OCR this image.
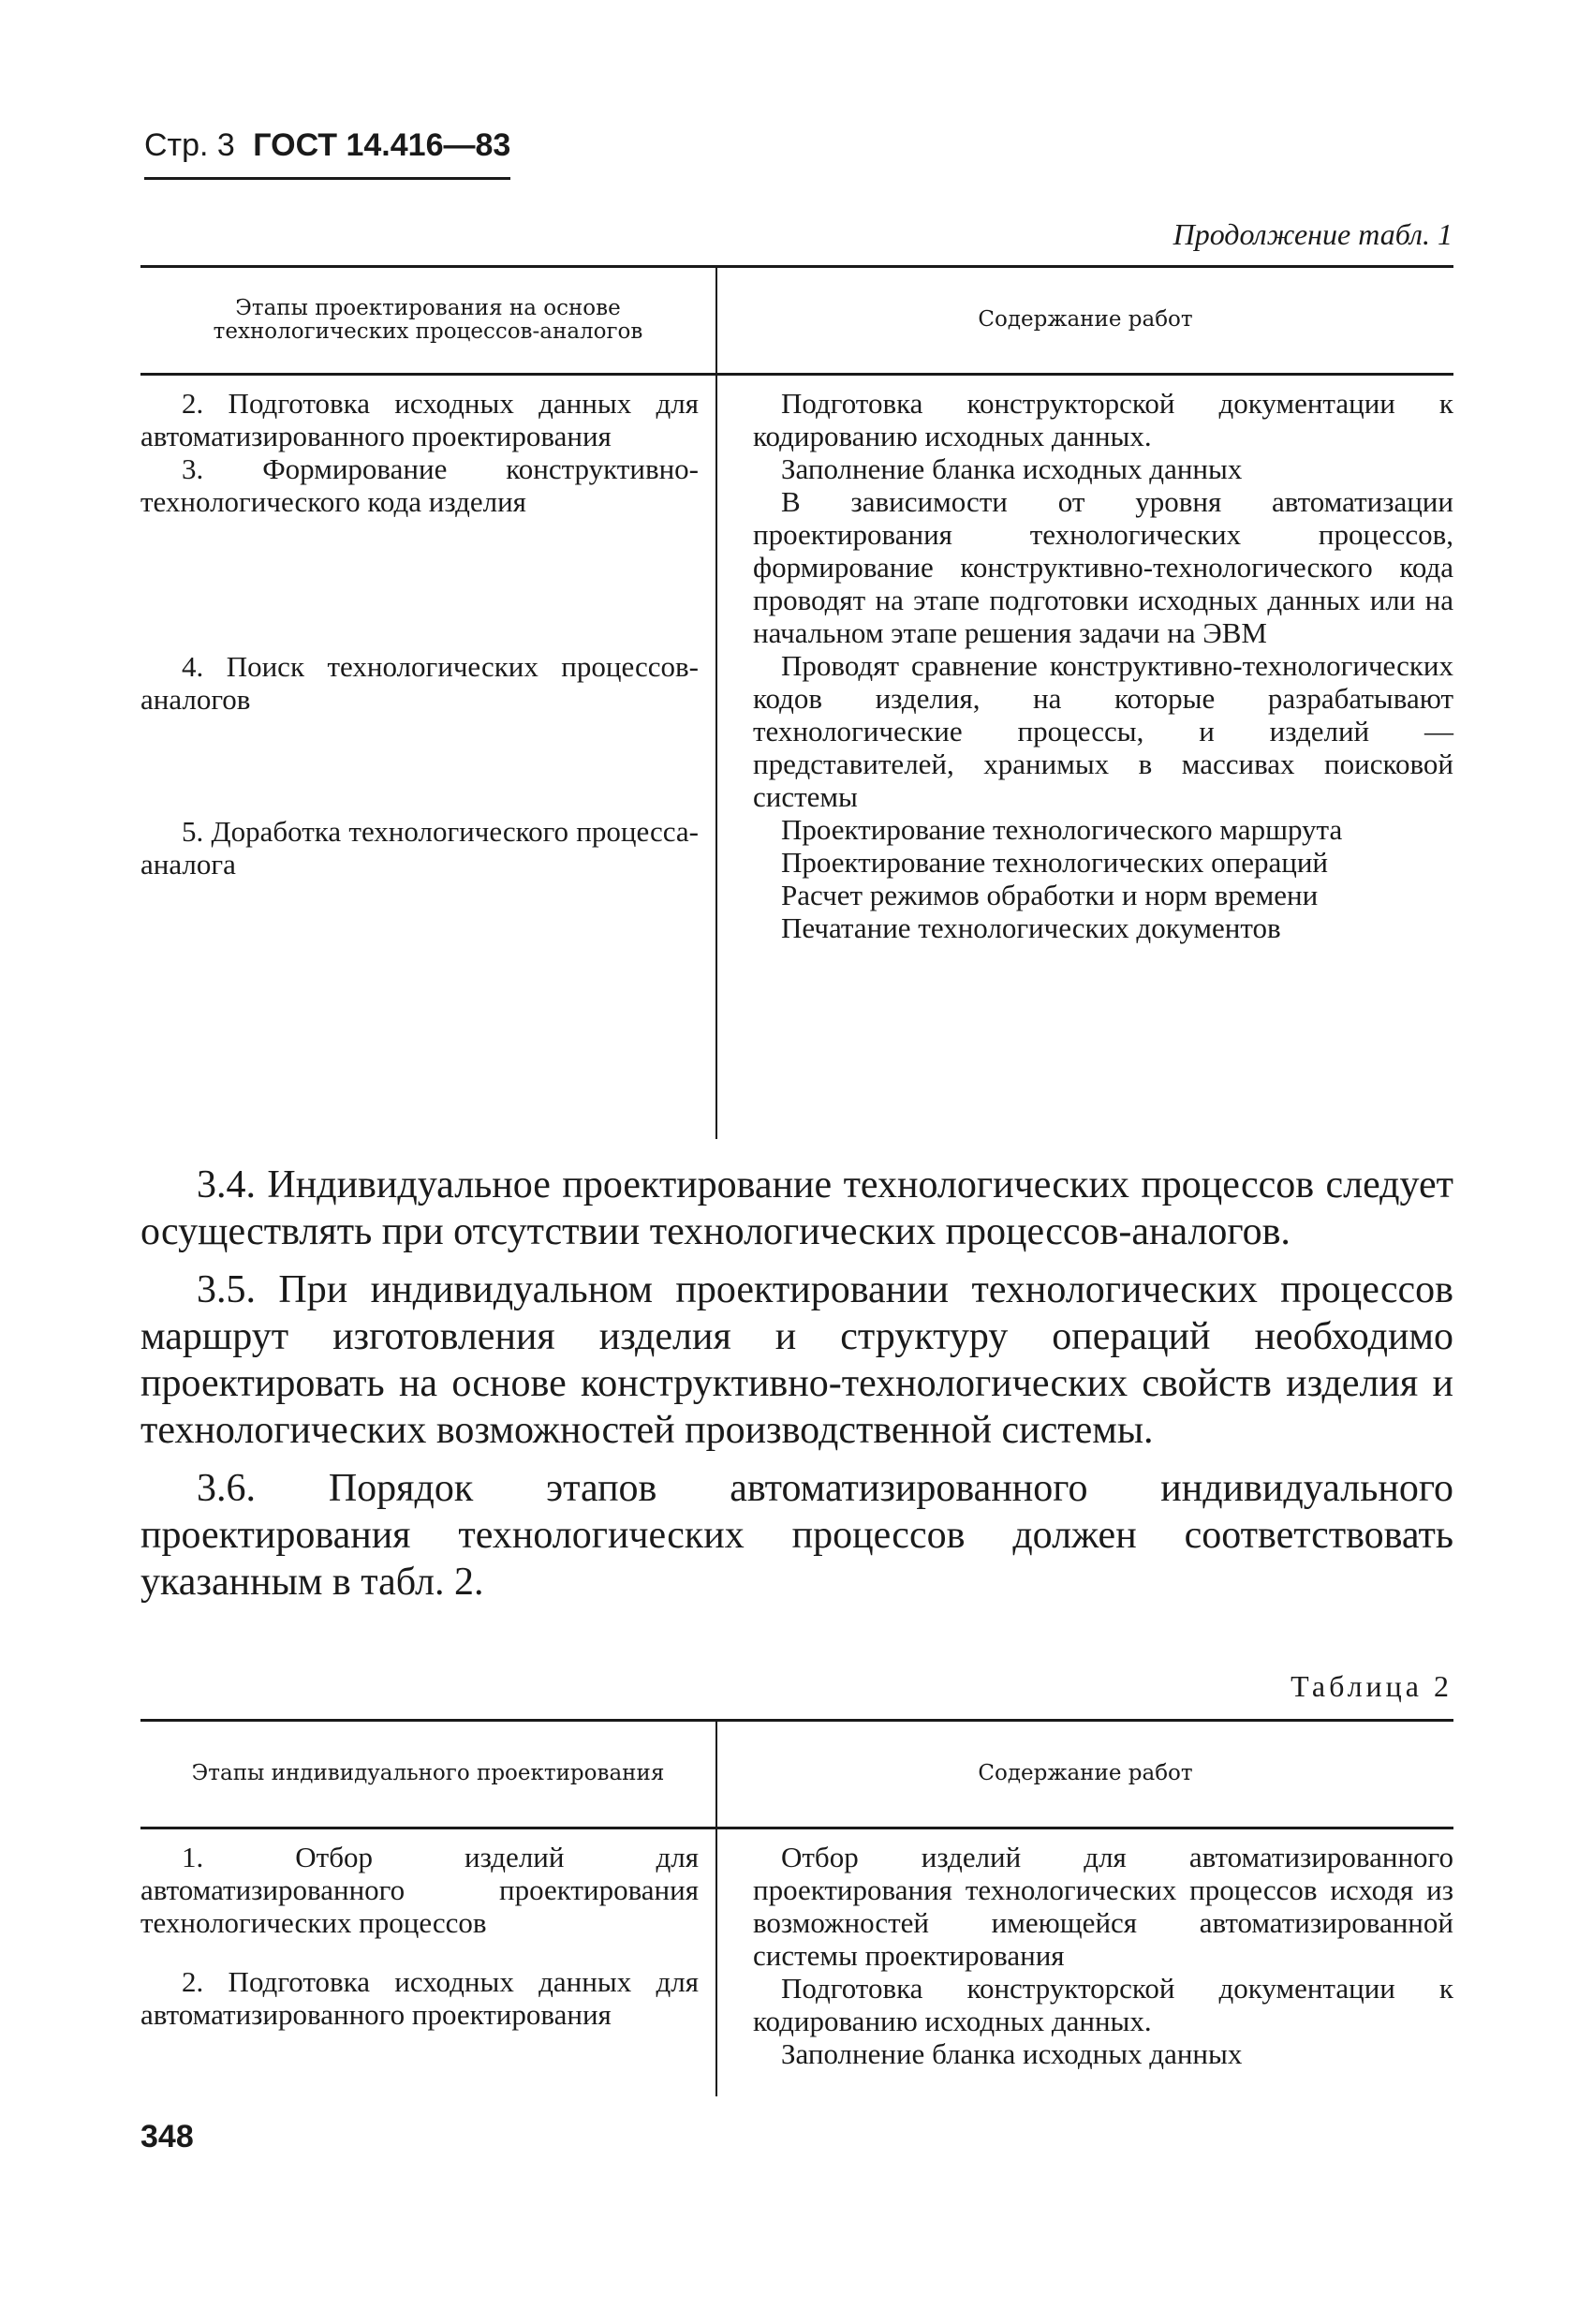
Стр. 3 ГОСТ 14.416—83
Продолжение табл. 1
Этапы проектирования на основе технологических процессов-аналогов	Содержание работ

2. Подготовка исходных данных для автоматизированного проектирования

3. Формирование конструктивно-технологического кода изделия

4. Поиск технологических процессов-аналогов

5. Доработка технологического процесса-аналога

Подготовка конструкторской документации к кодированию исходных данных.

Заполнение бланка исходных данных

В зависимости от уровня автоматизации проектирования технологических процессов, формирование конструктивно-технологического кода проводят на этапе подготовки исходных данных или на начальном этапе решения задачи на ЭВМ

Проводят сравнение конструктивно-технологических кодов изделия, на которые разрабатывают технологические процессы, и изделий — представителей, хранимых в массивах поисковой системы

Проектирование технологического маршрута

Проектирование технологических операций

Расчет режимов обработки и норм времени

Печатание технологических документов

3.4. Индивидуальное проектирование технологических процессов следует осуществлять при отсутствии технологических процессов-аналогов.

3.5. При индивидуальном проектировании технологических процессов маршрут изготовления изделия и структуру операций необходимо проектировать на основе конструктивно-технологических свойств изделия и технологических возможностей производственной системы.

3.6. Порядок этапов автоматизированного индивидуального проектирования технологических процессов должен соответствовать указанным в табл. 2.

Таблица 2
Этапы индивидуального проектирования	Содержание работ

1. Отбор изделий для автоматизированного проектирования технологических процессов

2. Подготовка исходных данных для автоматизированного проектирования

Отбор изделий для автоматизированного проектирования технологических процессов исходя из возможностей имеющейся автоматизированной системы проектирования

Подготовка конструкторской документации к кодированию исходных данных.

Заполнение бланка исходных данных

348
